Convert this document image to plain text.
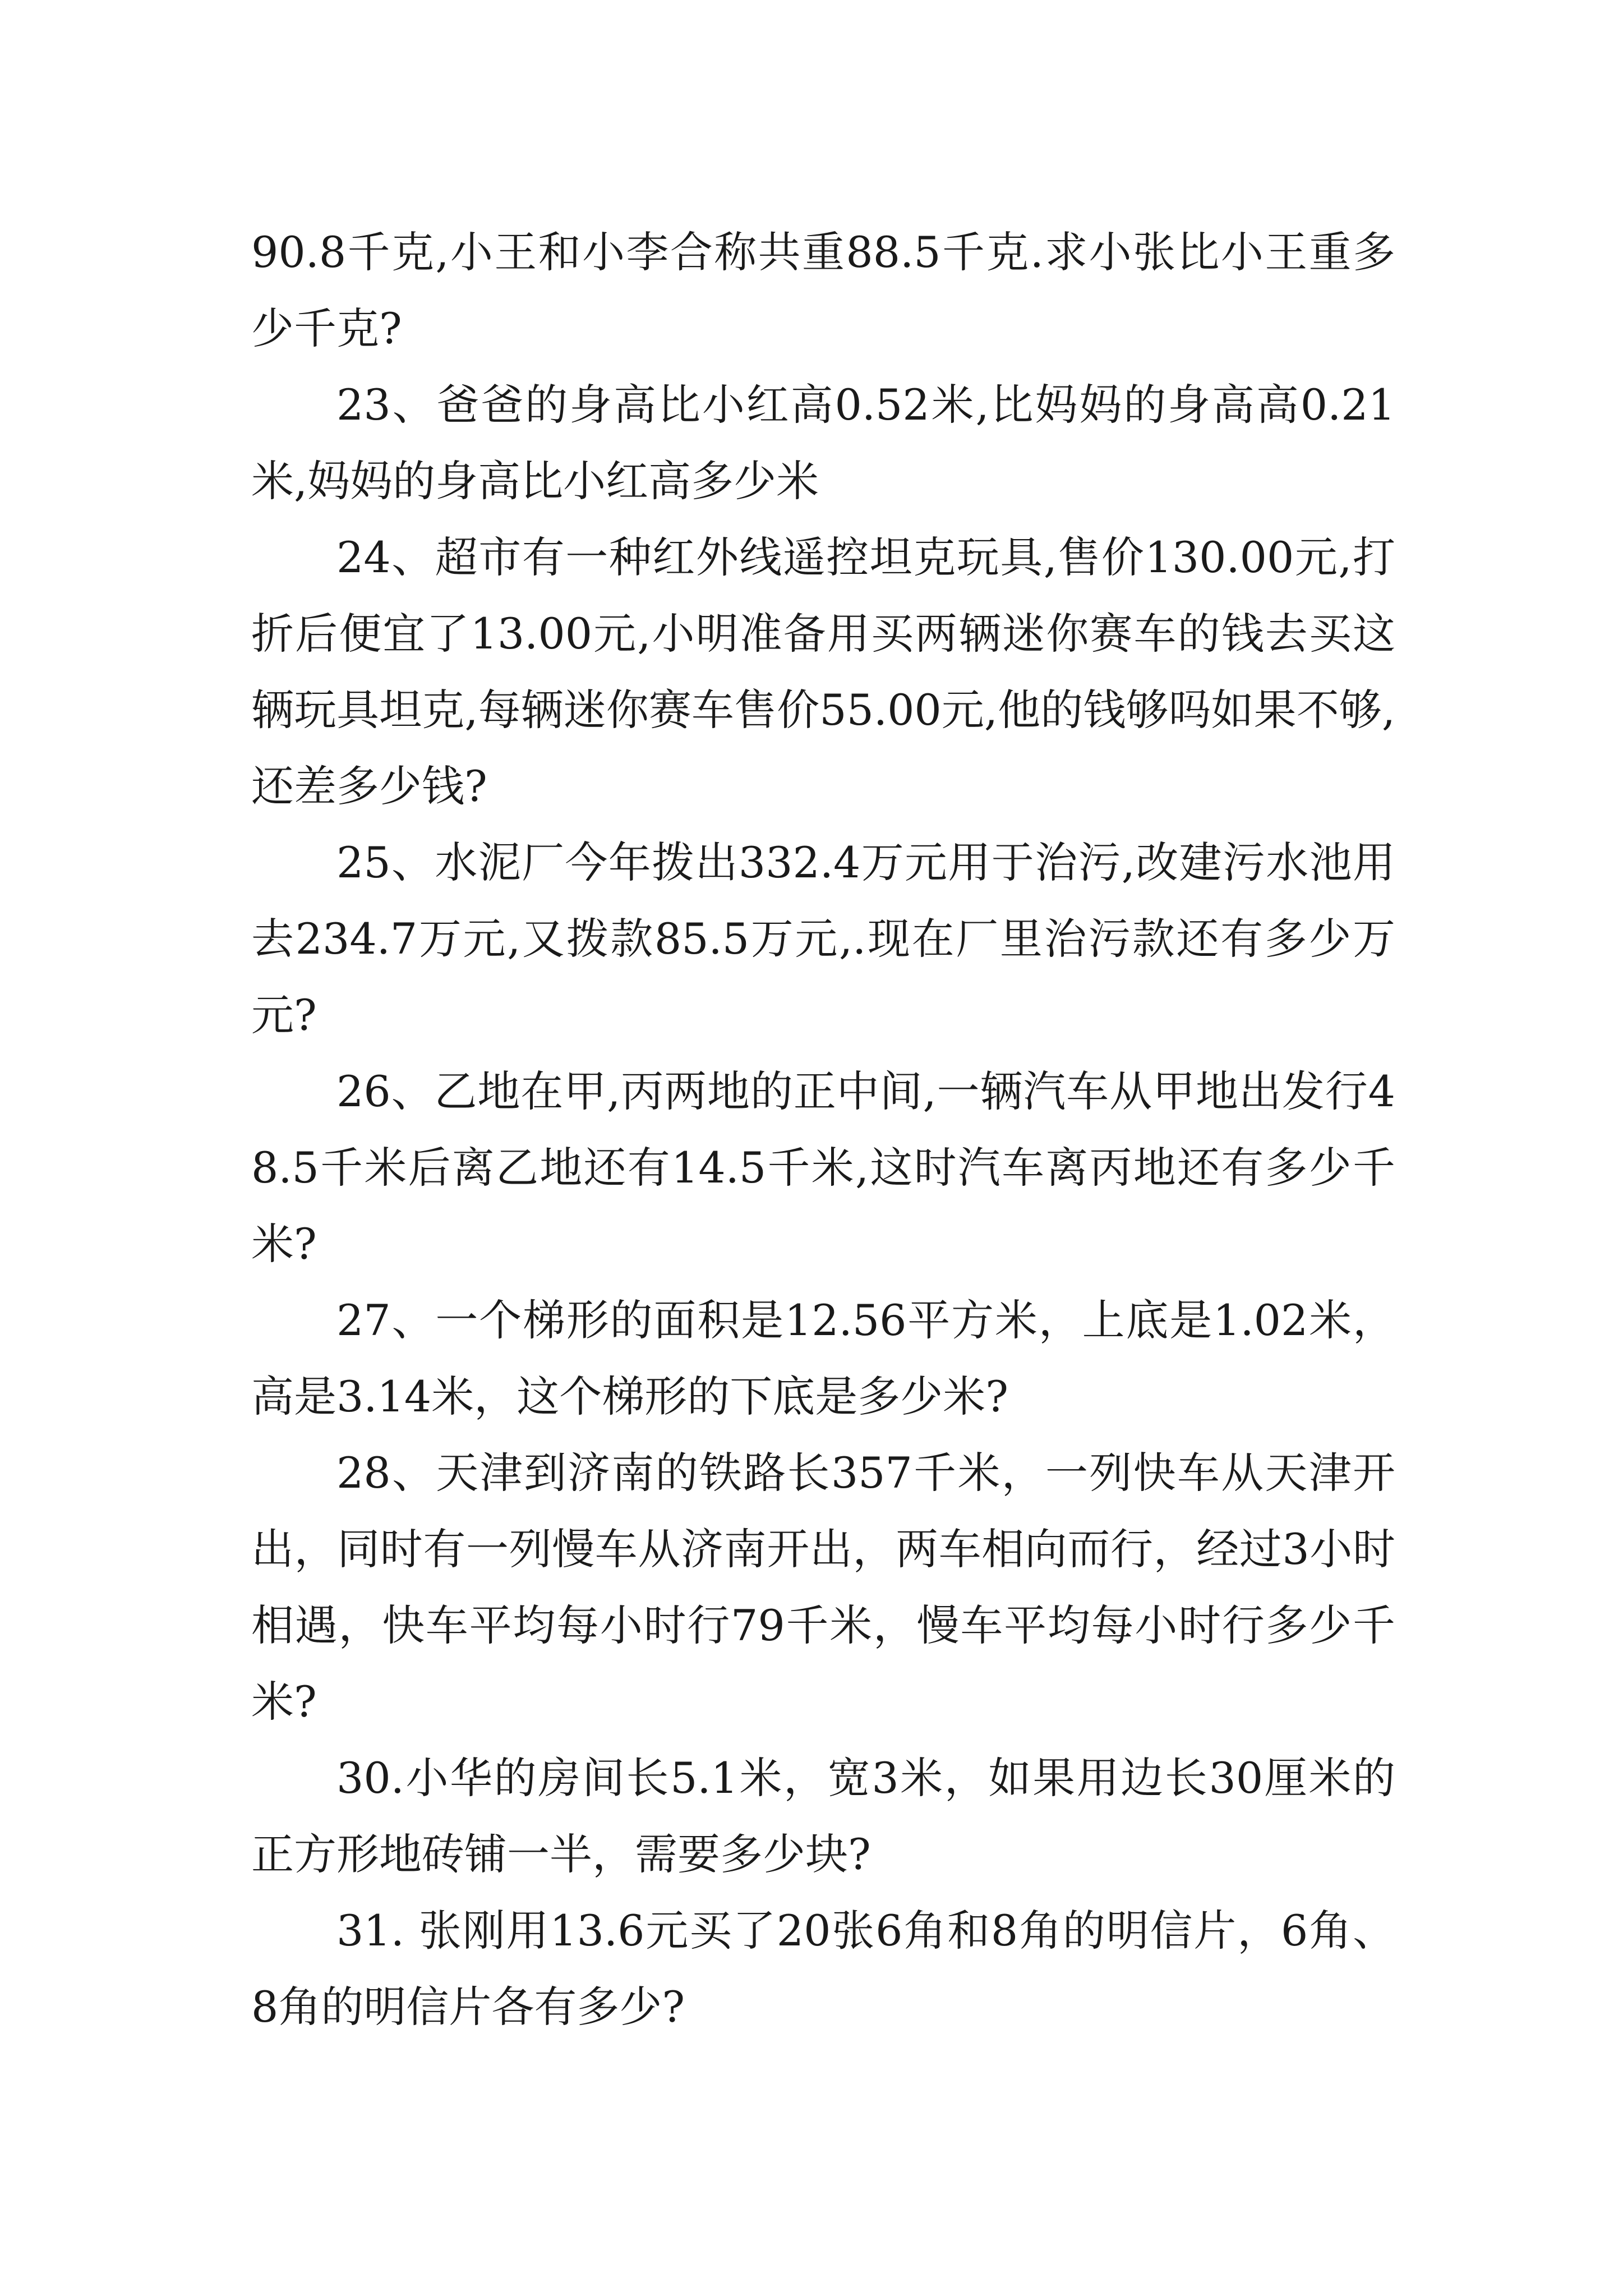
90.8千克,小王和小李合称共重88.5千克.求小张比小王重多少千克?

23、爸爸的身高比小红高0.52米,比妈妈的身高高0.21米,妈妈的身高比小红高多少米

24、超市有一种红外线遥控坦克玩具,售价130.00元,打折后便宜了13.00元,小明准备用买两辆迷你赛车的钱去买这辆玩具坦克,每辆迷你赛车售价55.00元,他的钱够吗如果不够,还差多少钱?

25、水泥厂今年拨出332.4万元用于治污,改建污水池用去234.7万元,又拨款85.5万元,.现在厂里治污款还有多少万元?

26、乙地在甲,丙两地的正中间,一辆汽车从甲地出发行48.5千米后离乙地还有14.5千米,这时汽车离丙地还有多少千米?

27、一个梯形的面积是12.56平方米，上底是1.02米，高是3.14米，这个梯形的下底是多少米?

28、天津到济南的铁路长357千米，一列快车从天津开出，同时有一列慢车从济南开出，两车相向而行，经过3小时相遇，快车平均每小时行79千米，慢车平均每小时行多少千米?

30.小华的房间长5.1米，宽3米，如果用边长30厘米的正方形地砖铺一半，需要多少块?

31. 张刚用13.6元买了20张6角和8角的明信片，6角、8角的明信片各有多少?
